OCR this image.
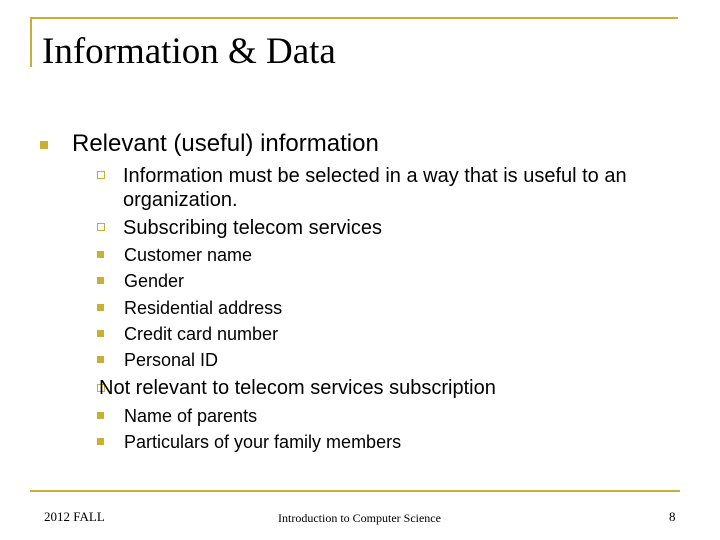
Information & Data
Relevant (useful) information
Information must be selected in a way that is useful to an
organization.
Subscribing telecom services
Customer name
Gender
Residential address
Credit card number
Personal ID
Not relevant to telecom services subscription
Name of parents
Particulars of your family members
2012 FALL	Introduction to Computer Science	8
